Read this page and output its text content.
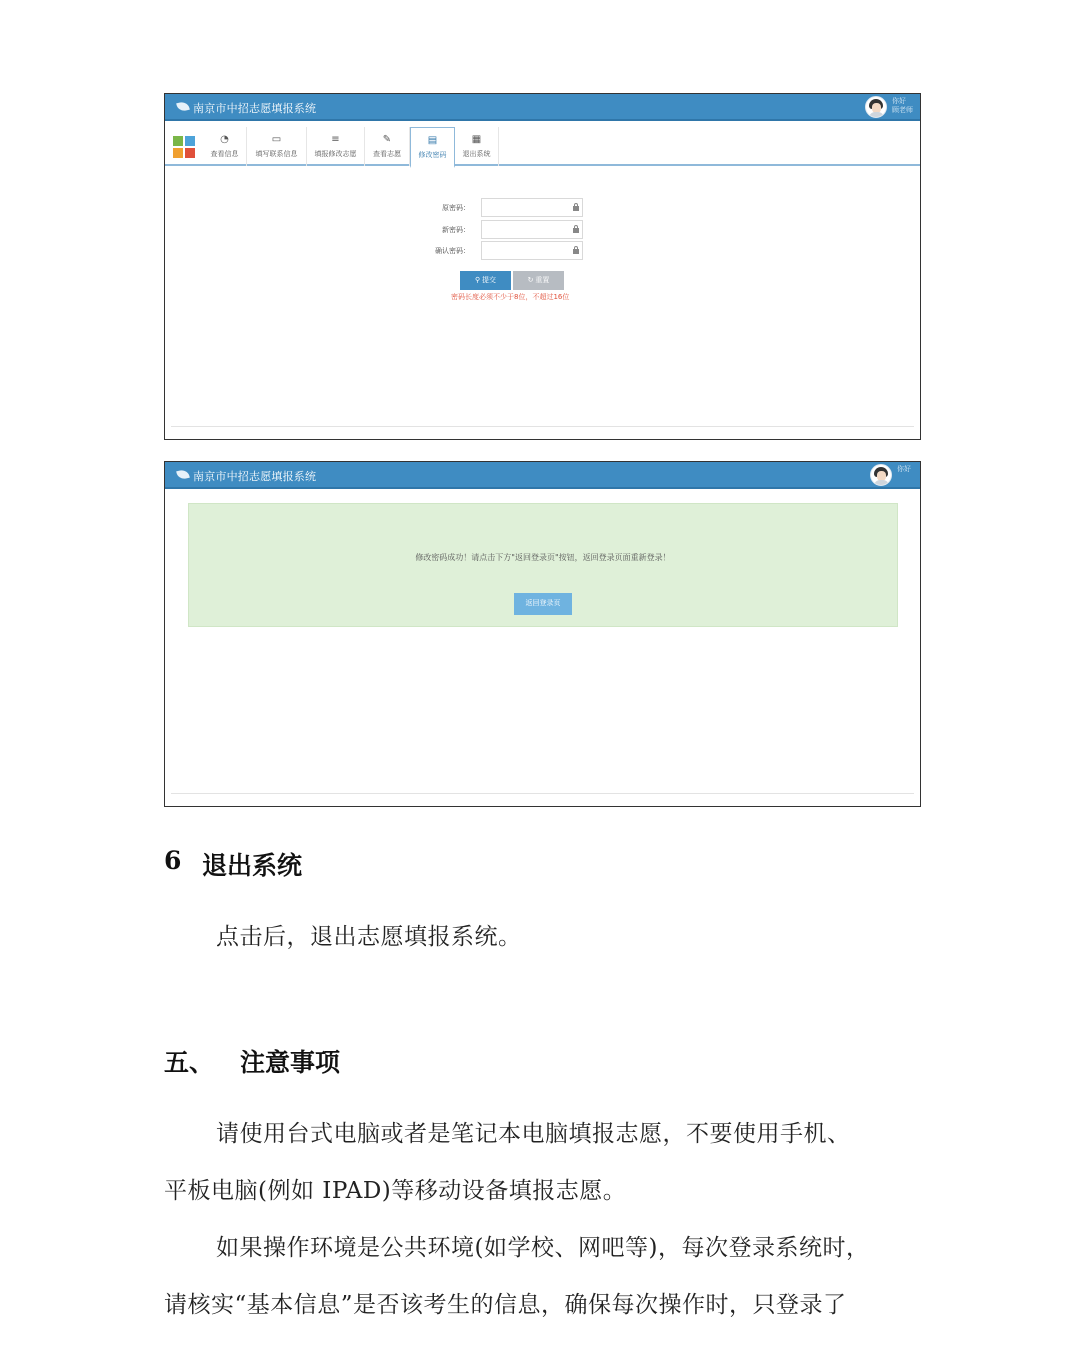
南京市中招志愿填报系统
你好
顾老师
◔
查看信息
▭
填写联系信息
≡
填报修改志愿
✎
查看志愿
▤
修改密码
▦
退出系统
原密码：
新密码：
确认密码：
⚲ 提交	↻ 重置
密码长度必须不少于8位，不超过16位
南京市中招志愿填报系统
你好
修改密码成功！请点击下方"返回登录页"按钮，返回登录页面重新登录！
返回登录页
6 退出系统
点击后，退出志愿填报系统。
五、 注意事项
请使用台式电脑或者是笔记本电脑填报志愿，不要使用手机、
平板电脑(例如 IPAD)等移动设备填报志愿。
如果操作环境是公共环境(如学校、网吧等)，每次登录系统时，
请核实“基本信息”是否该考生的信息，确保每次操作时，只登录了
